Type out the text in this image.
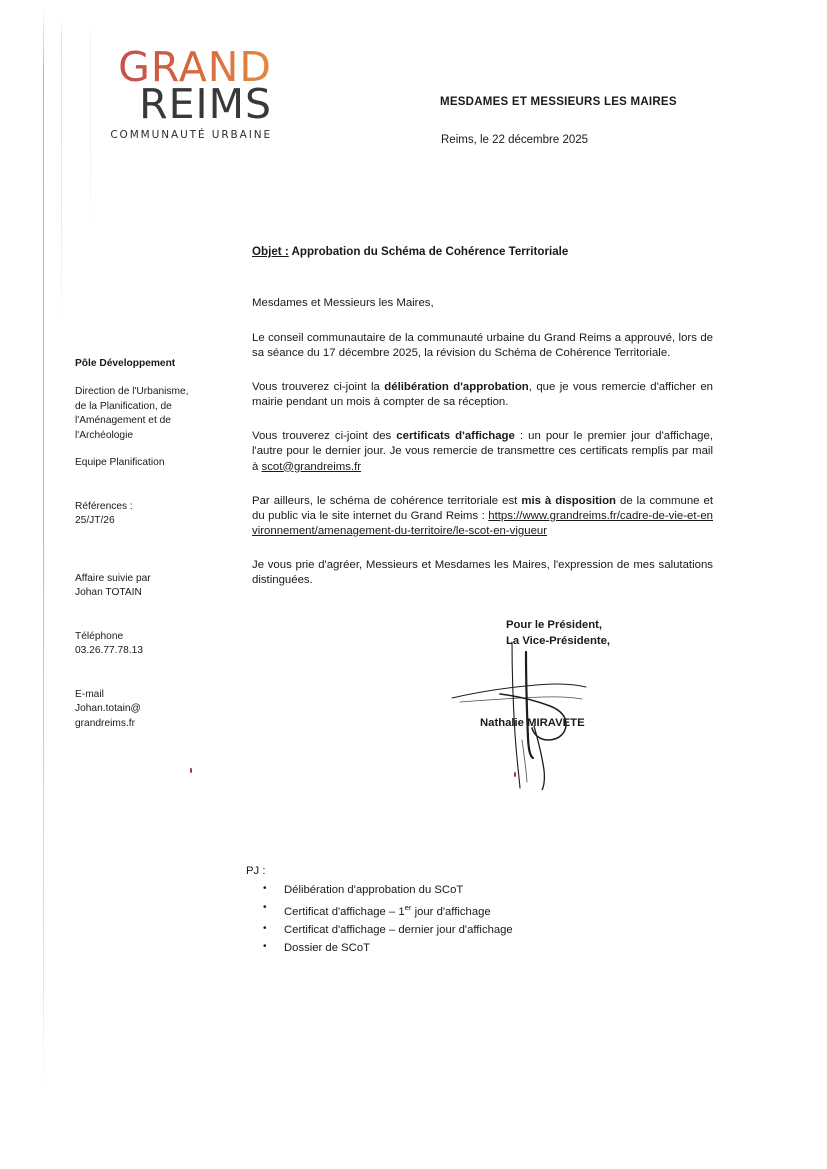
GRAND
REIMS
COMMUNAUTÉ URBAINE
MESDAMES ET MESSIEURS LES MAIRES
Reims, le 22 décembre 2025
Pôle Développement
Direction de l'Urbanisme,
de la Planification, de
l'Aménagement et de
l'Archéologie
Equipe Planification
Références :
25/JT/26
Affaire suivie par
Johan TOTAIN
Téléphone
03.26.77.78.13
E-mail
Johan.totain@
grandreims.fr
Objet : Approbation du Schéma de Cohérence Territoriale

Mesdames et Messieurs les Maires,

Le conseil communautaire de la communauté urbaine du Grand Reims a approuvé, lors de sa séance du 17 décembre 2025, la révision du Schéma de Cohérence Territoriale.

Vous trouverez ci-joint la délibération d'approbation, que je vous remercie d'afficher en mairie pendant un mois à compter de sa réception.

Vous trouverez ci-joint des certificats d'affichage : un pour le premier jour d'affichage, l'autre pour le dernier jour. Je vous remercie de transmettre ces certificats remplis par mail à scot@grandreims.fr

Par ailleurs, le schéma de cohérence territoriale est mis à disposition de la commune et du public via le site internet du Grand Reims : https://www.grandreims.fr/cadre-de-vie-et-environnement/amenagement-du-territoire/le-scot-en-vigueur

Je vous prie d'agréer, Messieurs et Mesdames les Maires, l'expression de mes salutations distinguées.

Pour le Président,
La Vice-Présidente,
Nathalie MIRAVETE
PJ :
• Délibération d'approbation du SCoT
• Certificat d'affichage – 1er jour d'affichage
• Certificat d'affichage – dernier jour d'affichage
• Dossier de SCoT
